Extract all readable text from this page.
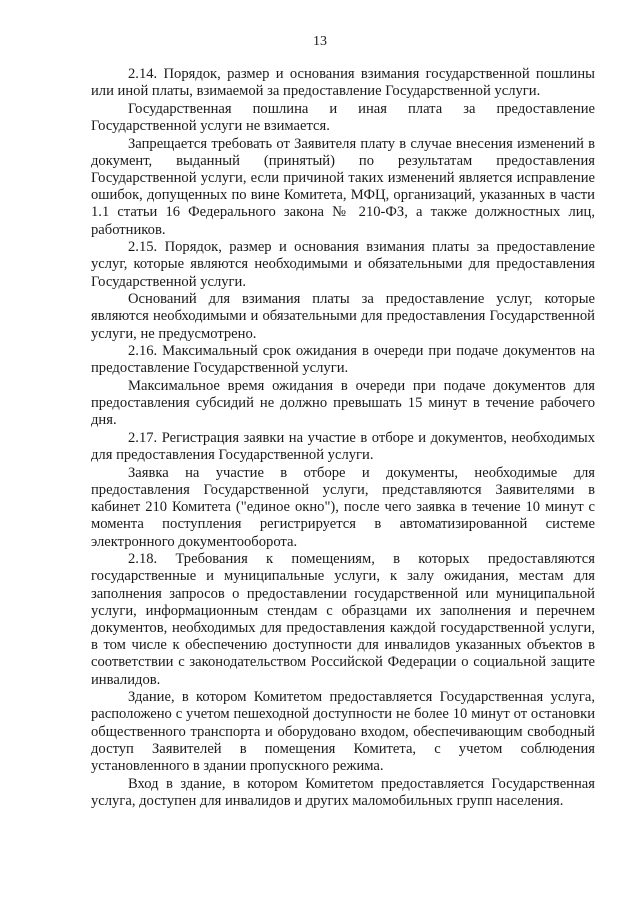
13

2.14. Порядок, размер и основания взимания государственной пошлины или иной платы, взимаемой за предоставление Государственной услуги.

Государственная пошлина и иная плата за предоставление Государственной услуги не взимается.

Запрещается требовать от Заявителя плату в случае внесения изменений в документ, выданный (принятый) по результатам предоставления Государственной услуги, если причиной таких изменений является исправление ошибок, допущенных по вине Комитета, МФЦ, организаций, указанных в части 1.1 статьи 16 Федерального закона № 210-ФЗ, а также должностных лиц, работников.

2.15. Порядок, размер и основания взимания платы за предоставление услуг, которые являются необходимыми и обязательными для предоставления Государственной услуги.

Оснований для взимания платы за предоставление услуг, которые являются необходимыми и обязательными для предоставления Государственной услуги, не предусмотрено.

2.16. Максимальный срок ожидания в очереди при подаче документов на предоставление Государственной услуги.

Максимальное время ожидания в очереди при подаче документов для предоставления субсидий не должно превышать 15 минут в течение рабочего дня.

2.17. Регистрация заявки на участие в отборе и документов, необходимых для предоставления Государственной услуги.

Заявка на участие в отборе и документы, необходимые для предоставления Государственной услуги, представляются Заявителями в кабинет 210 Комитета ("единое окно"), после чего заявка в течение 10 минут с момента поступления регистрируется в автоматизированной системе электронного документооборота.

2.18. Требования к помещениям, в которых предоставляются государственные и муниципальные услуги, к залу ожидания, местам для заполнения запросов о предоставлении государственной или муниципальной услуги, информационным стендам с образцами их заполнения и перечнем документов, необходимых для предоставления каждой государственной услуги, в том числе к обеспечению доступности для инвалидов указанных объектов в соответствии с законодательством Российской Федерации о социальной защите инвалидов.

Здание, в котором Комитетом предоставляется Государственная услуга, расположено с учетом пешеходной доступности не более 10 минут от остановки общественного транспорта и оборудовано входом, обеспечивающим свободный доступ Заявителей в помещения Комитета, с учетом соблюдения установленного в здании пропускного режима.

Вход в здание, в котором Комитетом предоставляется Государственная услуга, доступен для инвалидов и других маломобильных групп населения.
